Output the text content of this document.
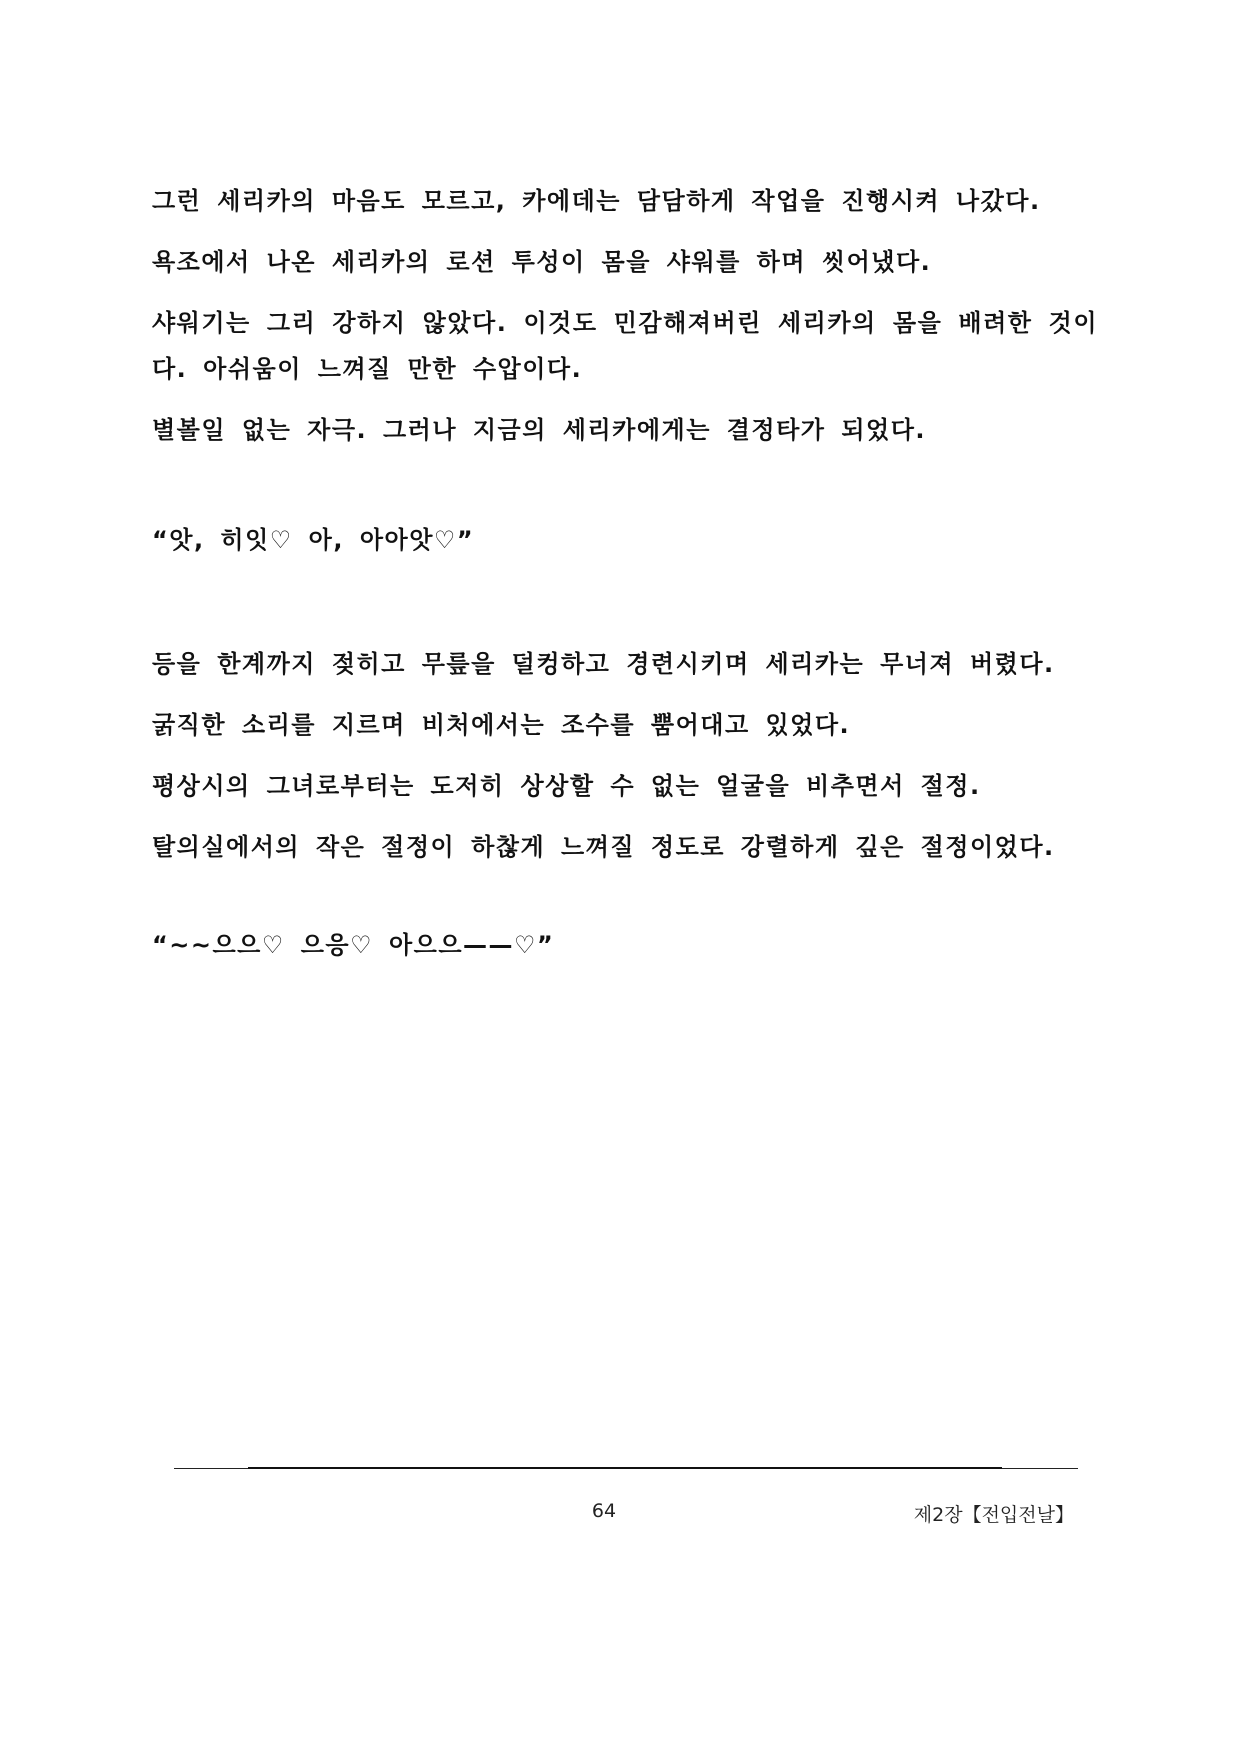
그런 세리카의 마음도 모르고, 카에데는 담담하게 작업을 진행시켜 나갔다.

욕조에서 나온 세리카의 로션 투성이 몸을 샤워를 하며 씻어냈다.

샤워기는 그리 강하지 않았다. 이것도 민감해져버린 세리카의 몸을 배려한 것이다. 아쉬움이 느껴질 만한 수압이다.

별볼일 없는 자극. 그러나 지금의 세리카에게는 결정타가 되었다.

“앗, 히잇♡ 아, 아아앗♡”

등을 한계까지 젖히고 무릎을 덜컹하고 경련시키며 세리카는 무너져 버렸다.

굵직한 소리를 지르며 비처에서는 조수를 뿜어대고 있었다.

평상시의 그녀로부터는 도저히 상상할 수 없는 얼굴을 비추면서 절정.

탈의실에서의 작은 절정이 하찮게 느껴질 정도로 강렬하게 깊은 절정이었다.

“~~으으♡ 으응♡ 아으으——♡”

64	제2장【전입전날】
